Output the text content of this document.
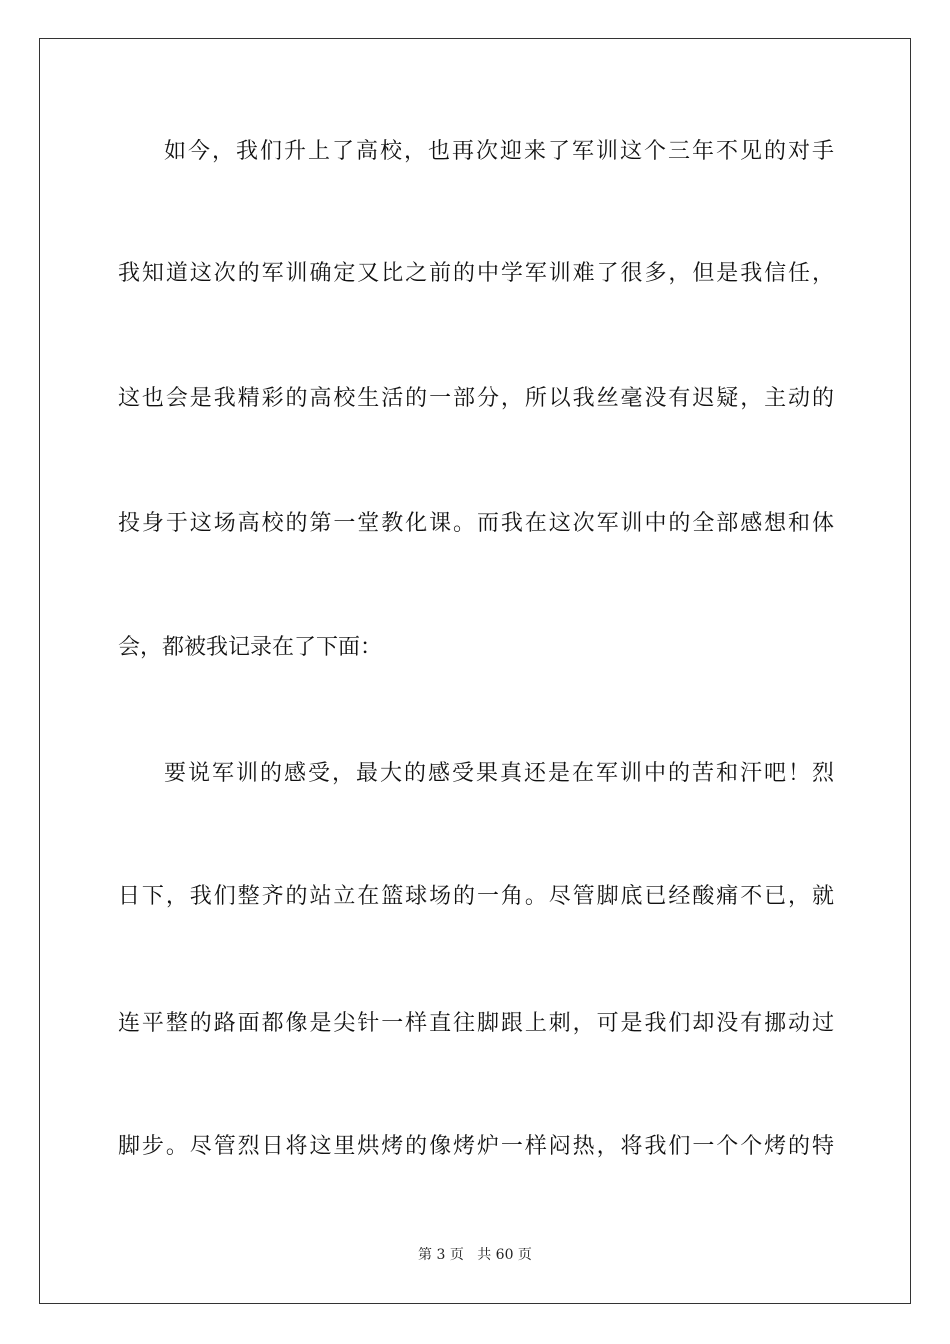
如今，我们升上了高校，也再次迎来了军训这个三年不见的对手
我知道这次的军训确定又比之前的中学军训难了很多，但是我信任，
这也会是我精彩的高校生活的一部分，所以我丝毫没有迟疑，主动的
投身于这场高校的第一堂教化课。而我在这次军训中的全部感想和体
会，都被我记录在了下面：
要说军训的感受，最大的感受果真还是在军训中的苦和汗吧！烈
日下，我们整齐的站立在篮球场的一角。尽管脚底已经酸痛不已，就
连平整的路面都像是尖针一样直往脚跟上刺，可是我们却没有挪动过
脚步。尽管烈日将这里烘烤的像烤炉一样闷热，将我们一个个烤的特
第 3 页 共 60 页
